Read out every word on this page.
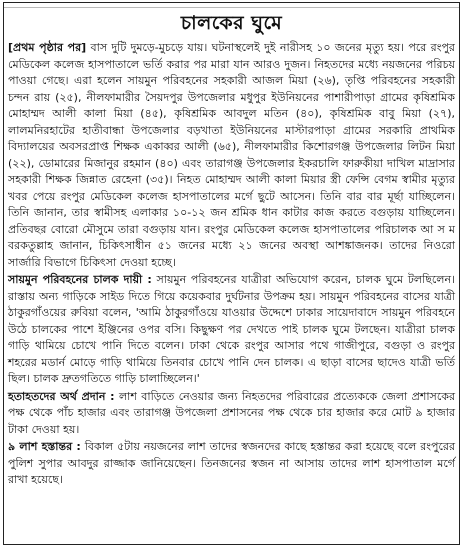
চালকের ঘুমে

[প্রথম পৃষ্ঠার পর] বাস দুটি দুমড়ে-মুচড়ে যায়। ঘটনাস্থলেই দুই নারীসহ ১০ জনের মৃত্যু হয়। পরে রংপুর মেডিকেল কলেজ হাসপাতালে ভর্তি করার পর মারা যান আরও দুজন। নিহতদের মধ্যে নয়জনের পরিচয় পাওয়া গেছে। এরা হলেন সায়মুন পরিবহনের সহকারী আজল মিয়া (২৬), তৃপ্তি পরিবহনের সহকারী চন্দন রায় (২৫), নীলফামারীর সৈয়দপুর উপজেলার মধুপুর ইউনিয়নের পাশারীপাড়া গ্রামের কৃষিশ্রমিক মোহাম্মদ আলী কালা মিয়া (৪৫), কৃষিশ্রমিক আবদুল মতিন (৪০), কৃষিশ্রমিক বাবু মিয়া (২৭), লালমনিরহাটের হাতীবান্ধা উপজেলার বড়খাতা ইউনিয়নের মাস্টারপাড়া গ্রামের সরকারি প্রাথমিক বিদ্যালয়ের অবসরপ্রাপ্ত শিক্ষক একাব্বর আলী (৬৫), নীলফামারীর কিশোরগঞ্জ উপজেলার লিটন মিয়া (২২), ডোমারের মিজানুর রহমান (৪০) এবং তারাগঞ্জ উপজেলার ইকরচালি ফারুকীয়া দাখিল মাদ্রাসার সহকারী শিক্ষক জিন্নাত রেহেনা (৩৫)। নিহত মোহাম্মদ আলী কালা মিয়ার স্ত্রী ফেন্সি বেগম স্বামীর মৃত্যুর খবর পেয়ে রংপুর মেডিকেল কলেজ হাসপাতালের মর্গে ছুটে আসেন। তিনি বার বার মূর্ছা যাচ্ছিলেন। তিনি জানান, তার স্বামীসহ এলাকার ১০-১২ জন শ্রমিক ধান কাটার কাজ করতে বগুড়ায় যাচ্ছিলেন। প্রতিবছর বোরো মৌসুমে তারা বগুড়ায় যান। রংপুর মেডিকেল কলেজ হাসপাতালের পরিচালক আ স ম বরকতুল্লাহ জানান, চিকিৎসাধীন ৫১ জনের মধ্যে ২১ জনের অবস্থা আশঙ্কাজনক। তাদের নিওরো সার্জারি বিভাগে চিকিৎসা দেওয়া হচ্ছে।

সায়মুন পরিবহনের চালক দায়ী : সায়মুন পরিবহনের যাত্রীরা অভিযোগ করেন, চালক ঘুমে টলছিলেন। রাস্তায় অন্য গাড়িকে সাইড দিতে গিয়ে কয়েকবার দুর্ঘটনার উপক্রম হয়। সায়মুন পরিবহনের বাসের যাত্রী ঠাকুরগাঁওয়ের রুবিয়া বলেন, 'আমি ঠাকুরগাঁওয়ে যাওয়ার উদ্দেশে ঢাকার সায়েদাবাদে সায়মুন পরিবহনে উঠে চালকের পাশে ইঞ্জিনের ওপর বসি। কিছুক্ষণ পর দেখতে পাই চালক ঘুমে টলছেন। যাত্রীরা চালক গাড়ি থামিয়ে চোখে পানি দিতে বলেন। ঢাকা থেকে রংপুর আসার পথে গাজীপুরে, বগুড়া ও রংপুর শহরের মডার্ন মোড়ে গাড়ি থামিয়ে তিনবার চোখে পানি দেন চালক। এ ছাড়া বাসের ছাদেও যাত্রী ভর্তি ছিল। চালক দ্রুতগতিতে গাড়ি চালাচ্ছিলেন।'

হতাহতদের অর্থ প্রদান : লাশ বাড়িতে নেওয়ার জন্য নিহতদের পরিবারের প্রত্যেককে জেলা প্রশাসকের পক্ষ থেকে পাঁচ হাজার এবং তারাগঞ্জ উপজেলা প্রশাসনের পক্ষ থেকে চার হাজার করে মোট ৯ হাজার টাকা দেওয়া হয়।

৯ লাশ হস্তান্তর : বিকাল ৫টায় নয়জনের লাশ তাদের স্বজনদের কাছে হস্তান্তর করা হয়েছে বলে রংপুরের পুলিশ সুপার আবদুর রাজ্জাক জানিয়েছেন। তিনজনের স্বজন না আসায় তাদের লাশ হাসপাতাল মর্গে রাখা হয়েছে।
